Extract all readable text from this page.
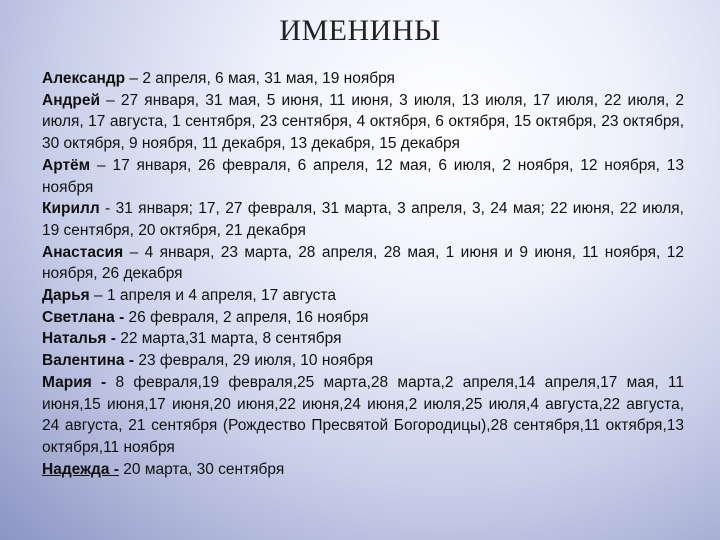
ИМЕНИНЫ

Александр – 2 апреля, 6 мая, 31 мая, 19 ноября

Андрей – 27 января, 31 мая, 5 июня, 11 июня, 3 июля, 13 июля, 17 июля, 22 июля, 2 июля, 17 августа, 1 сентября, 23 сентября, 4 октября, 6 октября, 15 октября, 23 октября, 30 октября, 9 ноября, 11 декабря, 13 декабря, 15 декабря

Артём – 17 января, 26 февраля, 6 апреля, 12 мая, 6 июля, 2 ноября, 12 ноября, 13 ноября

Кирилл - 31 января; 17, 27 февраля, 31 марта, 3 апреля, 3, 24 мая; 22 июня, 22 июля, 19 сентября, 20 октября, 21 декабря

Анастасия – 4 января, 23 марта, 28 апреля, 28 мая, 1 июня и 9 июня, 11 ноября, 12 ноября, 26 декабря

Дарья – 1 апреля и 4 апреля, 17 августа

Светлана - 26 февраля, 2 апреля, 16 ноября

Наталья - 22 марта,31 марта, 8 сентября

Валентина - 23 февраля, 29 июля, 10 ноября

Мария - 8 февраля,19 февраля,25 марта,28 марта,2 апреля,14 апреля,17 мая, 11 июня,15 июня,17 июня,20 июня,22 июня,24 июня,2 июля,25 июля,4 августа,22 августа, 24 августа, 21 сентября (Рождество Пресвятой Богородицы),28 сентября,11 октября,13 октября,11 ноября

Надежда - 20 марта, 30 сентября
